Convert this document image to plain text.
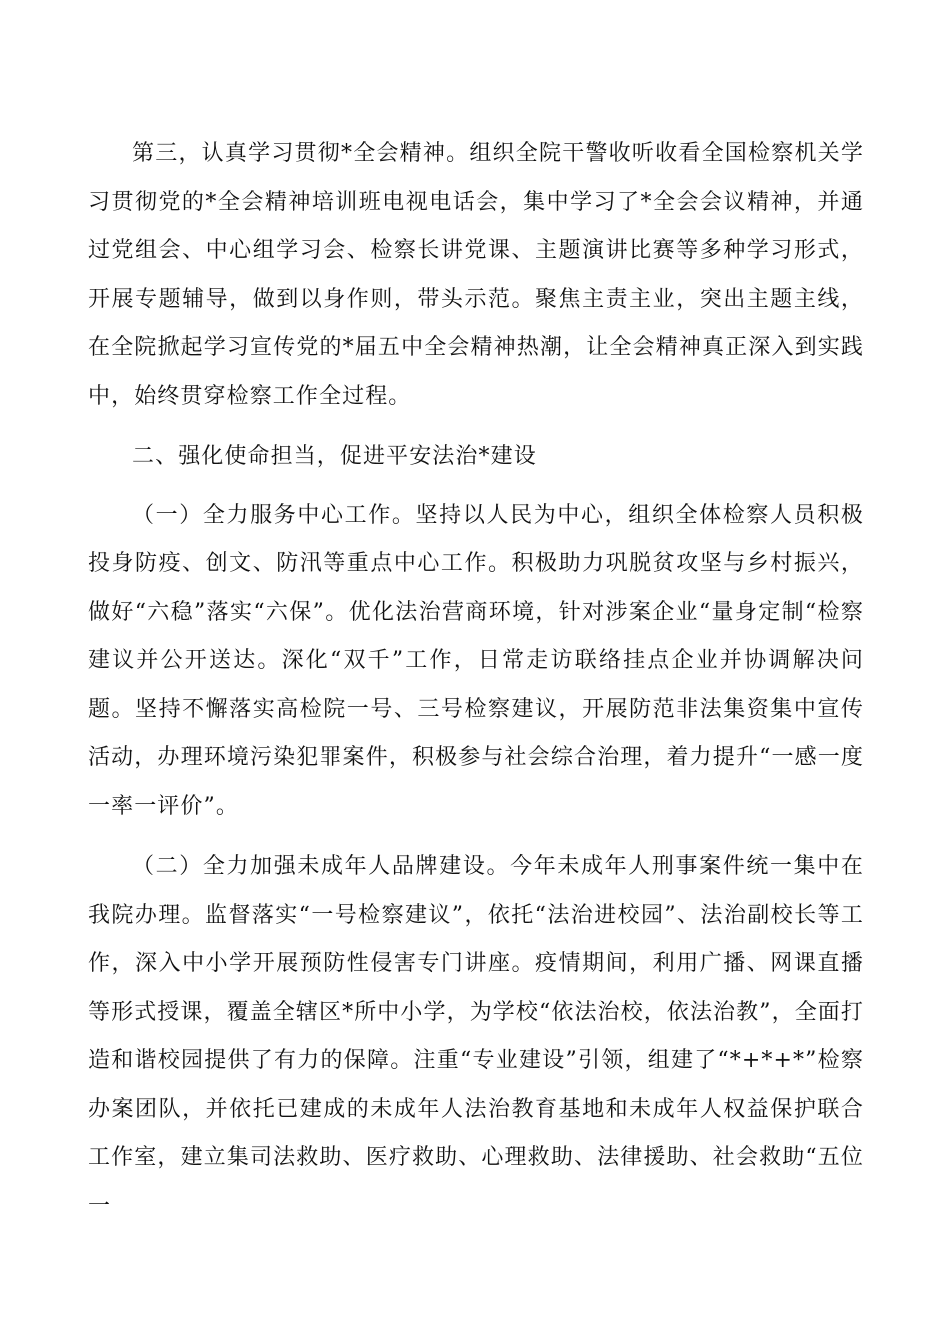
第三，认真学习贯彻*全会精神。组织全院干警收听收看全国检察机关学习贯彻党的*全会精神培训班电视电话会，集中学习了*全会会议精神，并通过党组会、中心组学习会、检察长讲党课、主题演讲比赛等多种学习形式，开展专题辅导，做到以身作则，带头示范。聚焦主责主业，突出主题主线，在全院掀起学习宣传党的*届五中全会精神热潮，让全会精神真正深入到实践中，始终贯穿检察工作全过程。

二、强化使命担当，促进平安法治*建设

（一）全力服务中心工作。坚持以人民为中心，组织全体检察人员积极投身防疫、创文、防汛等重点中心工作。积极助力巩脱贫攻坚与乡村振兴，做好“六稳”落实“六保”。优化法治营商环境，针对涉案企业“量身定制“检察建议并公开送达。深化“双千”工作，日常走访联络挂点企业并协调解决问题。坚持不懈落实高检院一号、三号检察建议，开展防范非法集资集中宣传活动，办理环境污染犯罪案件，积极参与社会综合治理，着力提升“一感一度一率一评价”。

（二）全力加强未成年人品牌建设。今年未成年人刑事案件统一集中在我院办理。监督落实“一号检察建议”，依托“法治进校园”、法治副校长等工作，深入中小学开展预防性侵害专门讲座。疫情期间，利用广播、网课直播等形式授课，覆盖全辖区*所中小学，为学校“依法治校，依法治教”，全面打造和谐校园提供了有力的保障。注重“专业建设”引领，组建了“*+*+*”检察办案团队，并依托已建成的未成年人法治教育基地和未成年人权益保护联合工作室，建立集司法救助、医疗救助、心理救助、法律援助、社会救助“五位一
